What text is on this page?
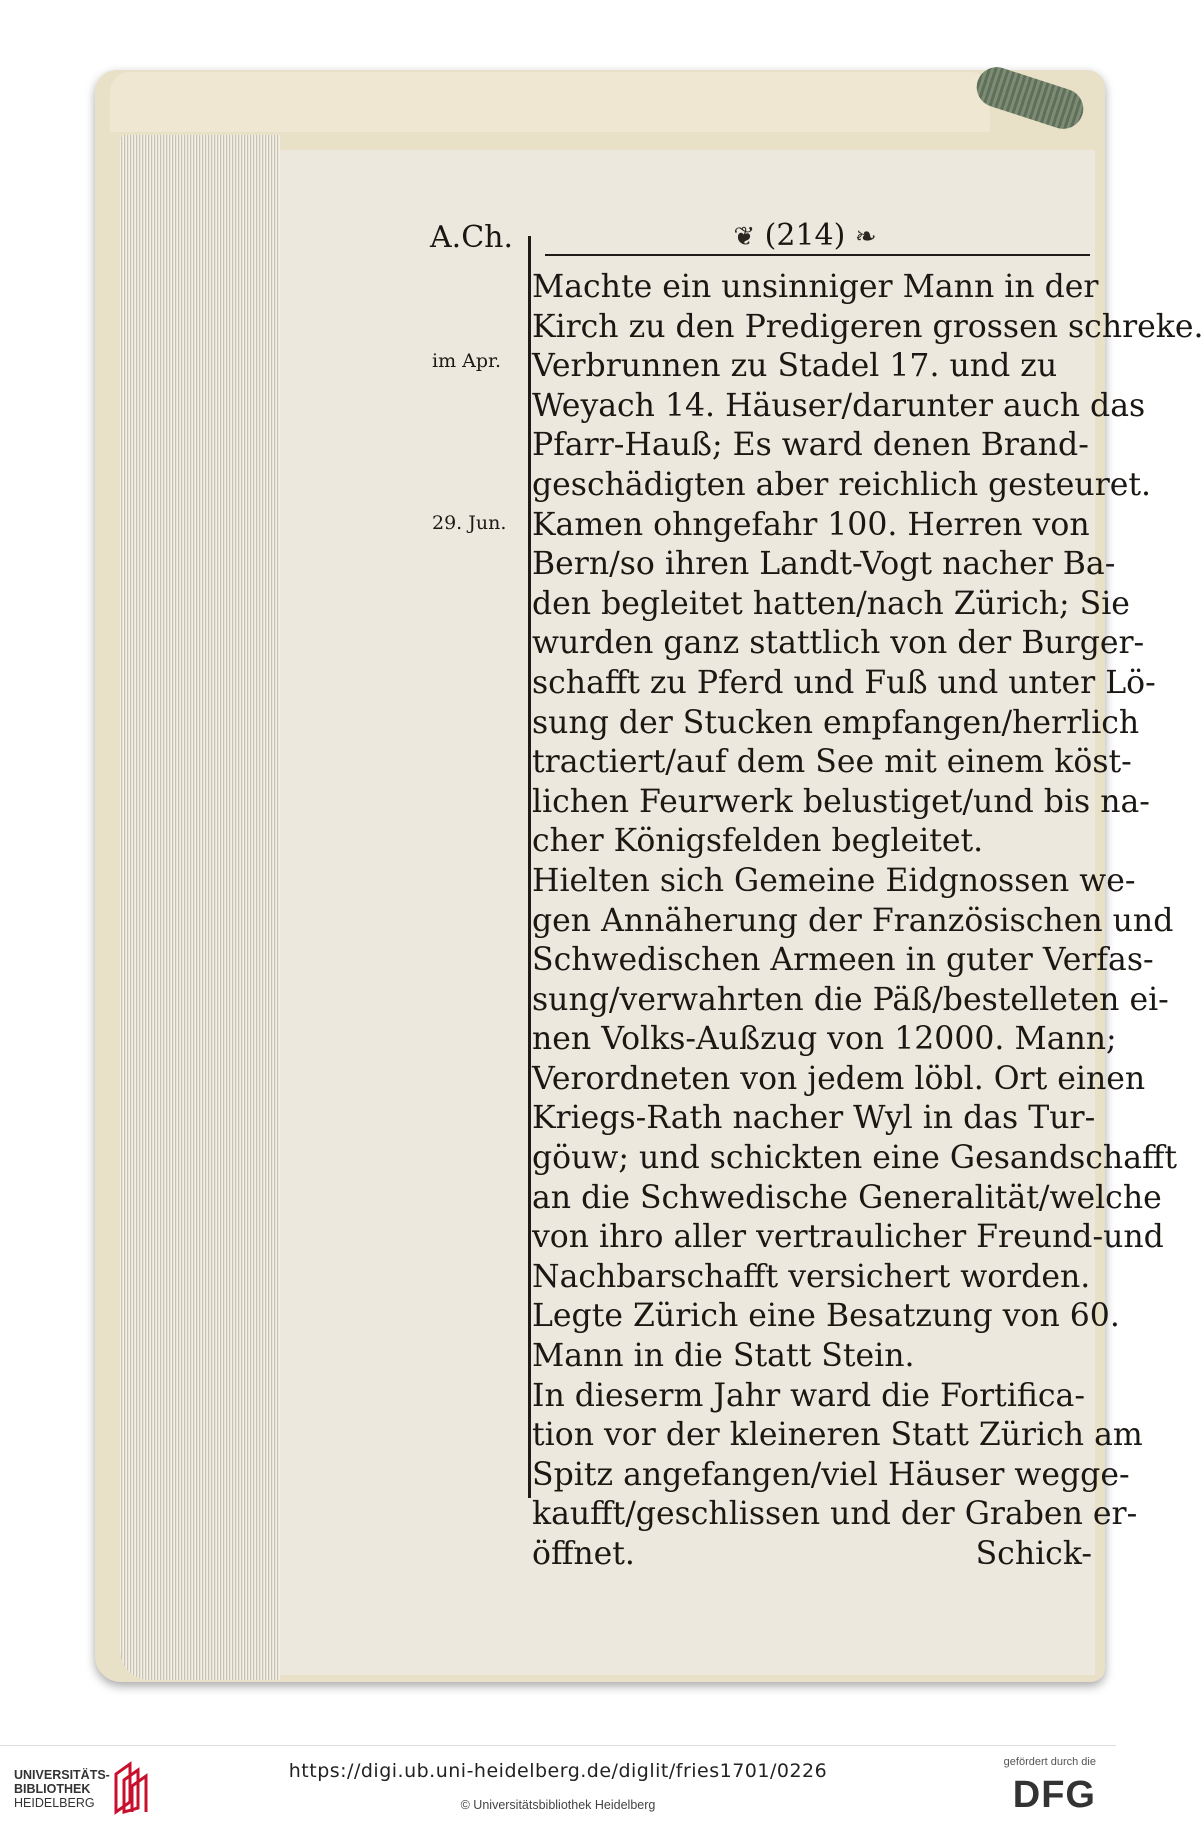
A.Ch.	❦ (214) ❧
im Apr.
29. Jun.
Machte ein unsinniger Mann in der
Kirch zu den Predigeren grossen schreke.
Verbrunnen zu Stadel 17. und zu
Weyach 14. Häuser/darunter auch das
Pfarr-Hauß; Es ward denen Brand-
geschädigten aber reichlich gesteuret.
Kamen ohngefahr 100. Herren von
Bern/so ihren Landt-Vogt nacher Ba-
den begleitet hatten/nach Zürich; Sie
wurden ganz stattlich von der Burger-
schafft zu Pferd und Fuß und unter Lö-
sung der Stucken empfangen/herrlich
tractiert/auf dem See mit einem köst-
lichen Feurwerk belustiget/und bis na-
cher Königsfelden begleitet.
Hielten sich Gemeine Eidgnossen we-
gen Annäherung der Französischen und
Schwedischen Armeen in guter Verfas-
sung/verwahrten die Päß/bestelleten ei-
nen Volks-Außzug von 12000. Mann;
Verordneten von jedem löbl. Ort einen
Kriegs-Rath nacher Wyl in das Tur-
göuw; und schickten eine Gesandschafft
an die Schwedische Generalität/welche
von ihro aller vertraulicher Freund-und
Nachbarschafft versichert worden.
Legte Zürich eine Besatzung von 60.
Mann in die Statt Stein.
In dieserm Jahr ward die Fortifica-
tion vor der kleineren Statt Zürich am
Spitz angefangen/viel Häuser wegge-
kaufft/geschlissen und der Graben er-
öffnet.	Schick-
UNIVERSITÄTS-
BIBLIOTHEK
HEIDELBERG
https://digi.ub.uni-heidelberg.de/diglit/fries1701/0226
© Universitätsbibliothek Heidelberg
gefördert durch die
DFG
